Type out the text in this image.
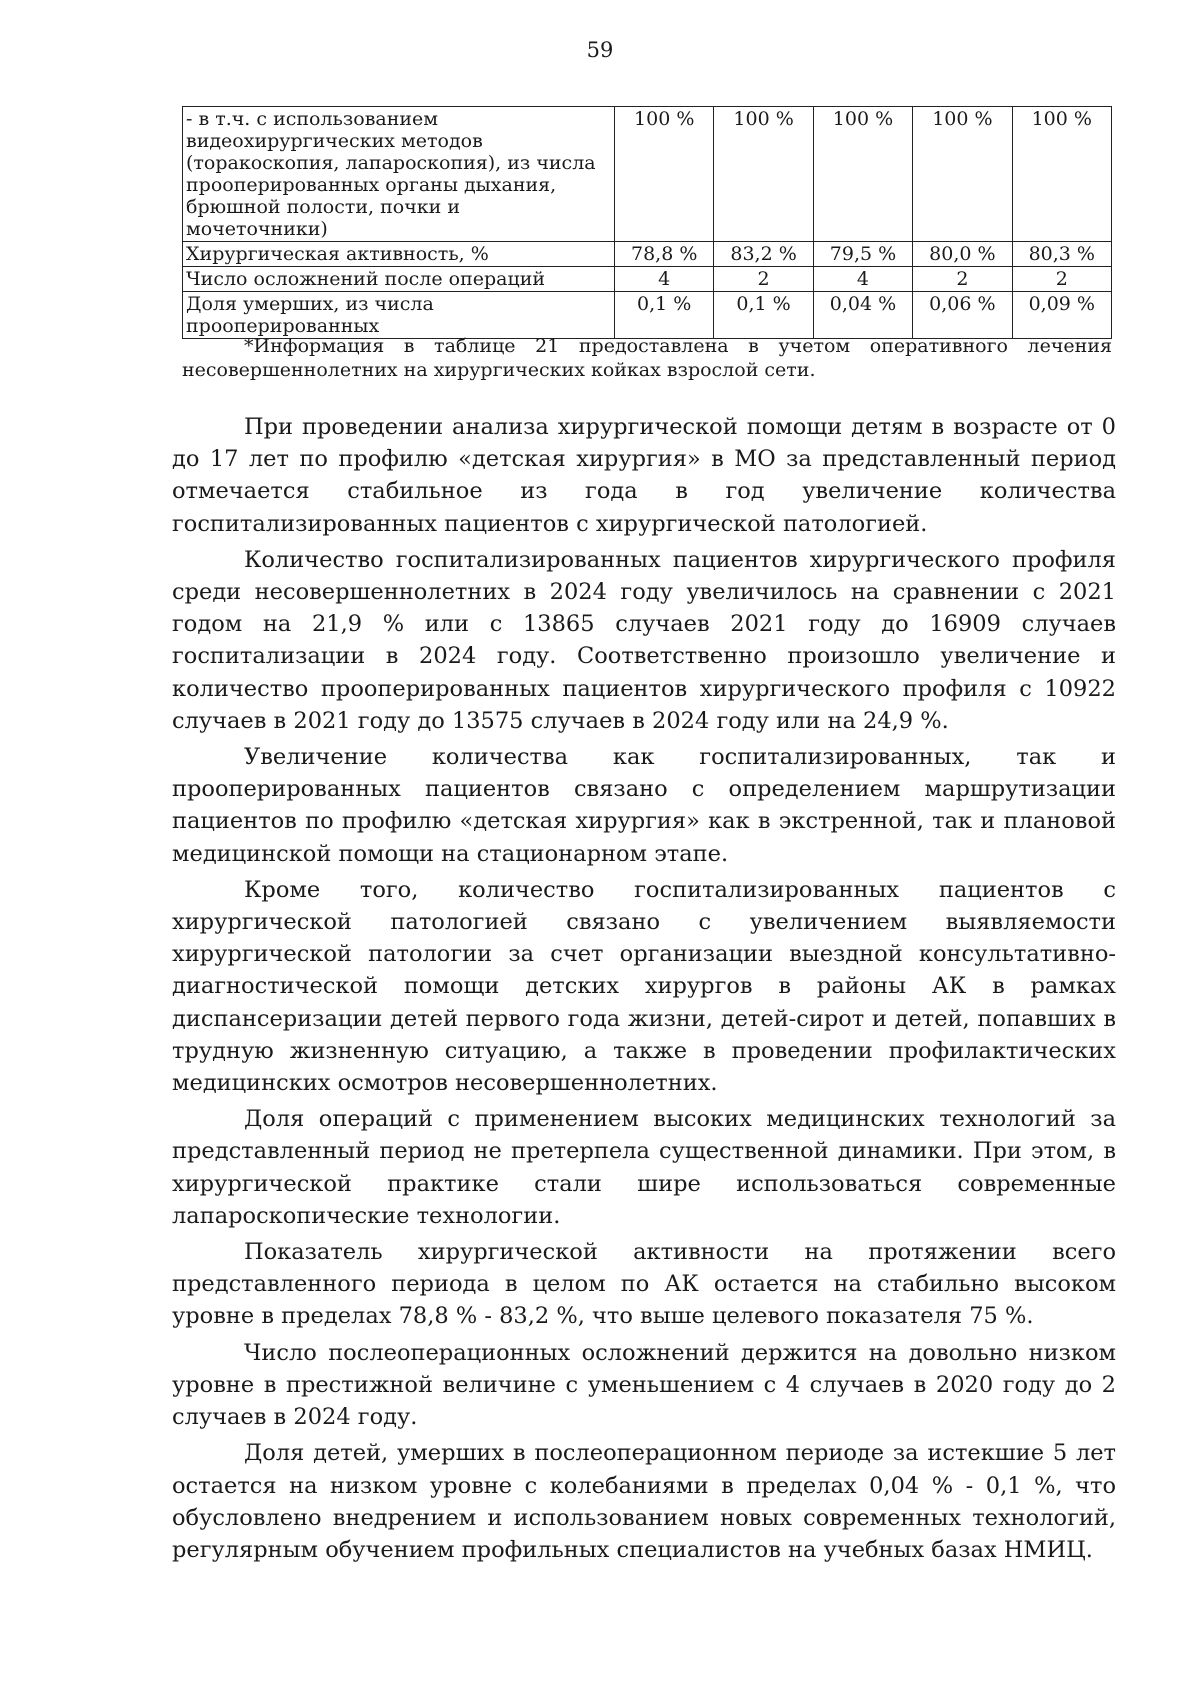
59
- в т.ч. с использованием видеохирургических методов (торакоскопия, лапароскопия), из числа прооперированных органы дыхания, брюшной полости, почки и мочеточники)	100 %	100 %	100 %	100 %	100 %
Хирургическая активность, %	78,8 %	83,2 %	79,5 %	80,0 %	80,3 %
Число осложнений после операций	4	2	4	2	2
Доля умерших, из числа прооперированных	0,1 %	0,1 %	0,04 %	0,06 %	0,09 %
*Информация в таблице 21 предоставлена в учетом оперативного лечения несовершеннолетних на хирургических койках взрослой сети.

При проведении анализа хирургической помощи детям в возрасте от 0 до 17 лет по профилю «детская хирургия» в МО за представленный период отмечается стабильное из года в год увеличение количества госпитализированных пациентов с хирургической патологией.

Количество госпитализированных пациентов хирургического профиля среди несовершеннолетних в 2024 году увеличилось на сравнении с 2021 годом на 21,9 % или с 13865 случаев 2021 году до 16909 случаев госпитализации в 2024 году. Соответственно произошло увеличение и количество прооперированных пациентов хирургического профиля с 10922 случаев в 2021 году до 13575 случаев в 2024 году или на 24,9 %.

Увеличение количества как госпитализированных, так и прооперированных пациентов связано с определением маршрутизации пациентов по профилю «детская хирургия» как в экстренной, так и плановой медицинской помощи на стационарном этапе.

Кроме того, количество госпитализированных пациентов с хирургической патологией связано с увеличением выявляемости хирургической патологии за счет организации выездной консультативно-диагностической помощи детских хирургов в районы АК в рамках диспансеризации детей первого года жизни, детей-сирот и детей, попавших в трудную жизненную ситуацию, а также в проведении профилактических медицинских осмотров несовершеннолетних.

Доля операций с применением высоких медицинских технологий за представленный период не претерпела существенной динамики. При этом, в хирургической практике стали шире использоваться современные лапароскопические технологии.

Показатель хирургической активности на протяжении всего представленного периода в целом по АК остается на стабильно высоком уровне в пределах 78,8 % - 83,2 %, что выше целевого показателя 75 %.

Число послеоперационных осложнений держится на довольно низком уровне в престижной величине с уменьшением с 4 случаев в 2020 году до 2 случаев в 2024 году.

Доля детей, умерших в послеоперационном периоде за истекшие 5 лет остается на низком уровне с колебаниями в пределах 0,04 % - 0,1 %, что обусловлено внедрением и использованием новых современных технологий, регулярным обучением профильных специалистов на учебных базах НМИЦ.
